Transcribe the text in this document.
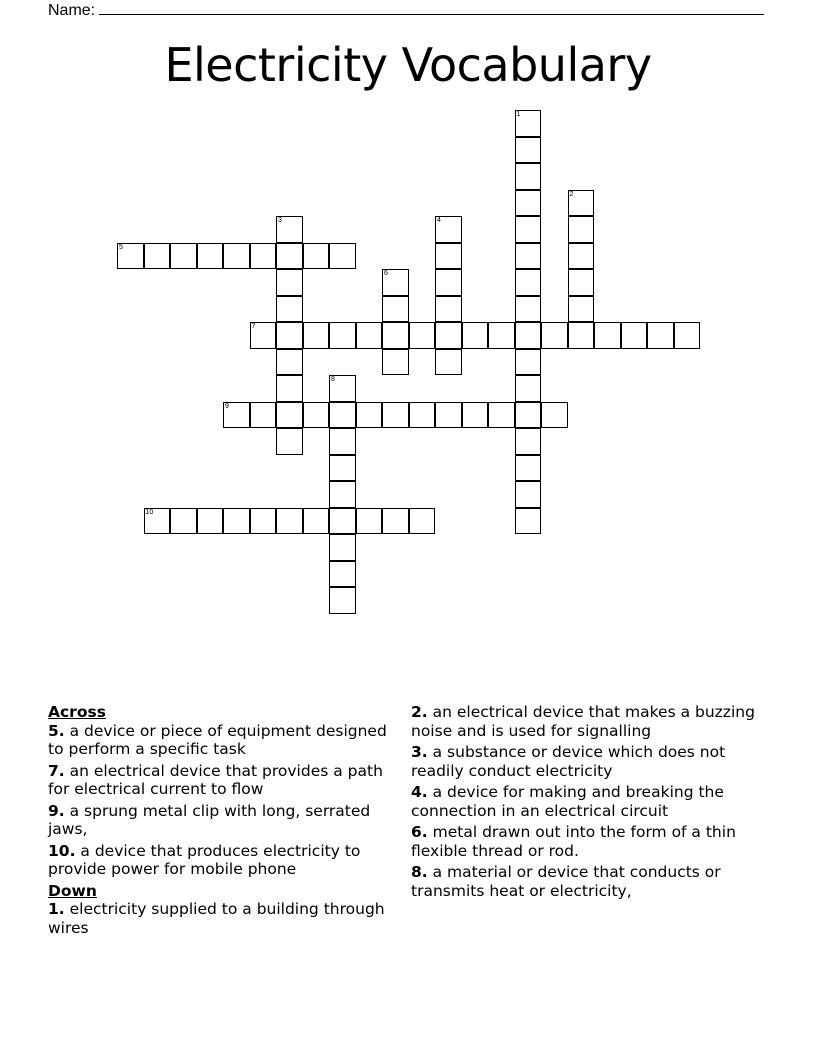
Name:
Electricity Vocabulary
1
2
3	4
5
6
7
8
9
10
Across
5. a device or piece of equipment designed to perform a specific task
7. an electrical device that provides a path for electrical current to flow
9. a sprung metal clip with long, serrated jaws,
10. a device that produces electricity to provide power for mobile phone
Down
1. electricity supplied to a building through wires
2. an electrical device that makes a buzzing noise and is used for signalling
3. a substance or device which does not readily conduct electricity
4. a device for making and breaking the connection in an electrical circuit
6. metal drawn out into the form of a thin flexible thread or rod.
8. a material or device that conducts or transmits heat or electricity,
